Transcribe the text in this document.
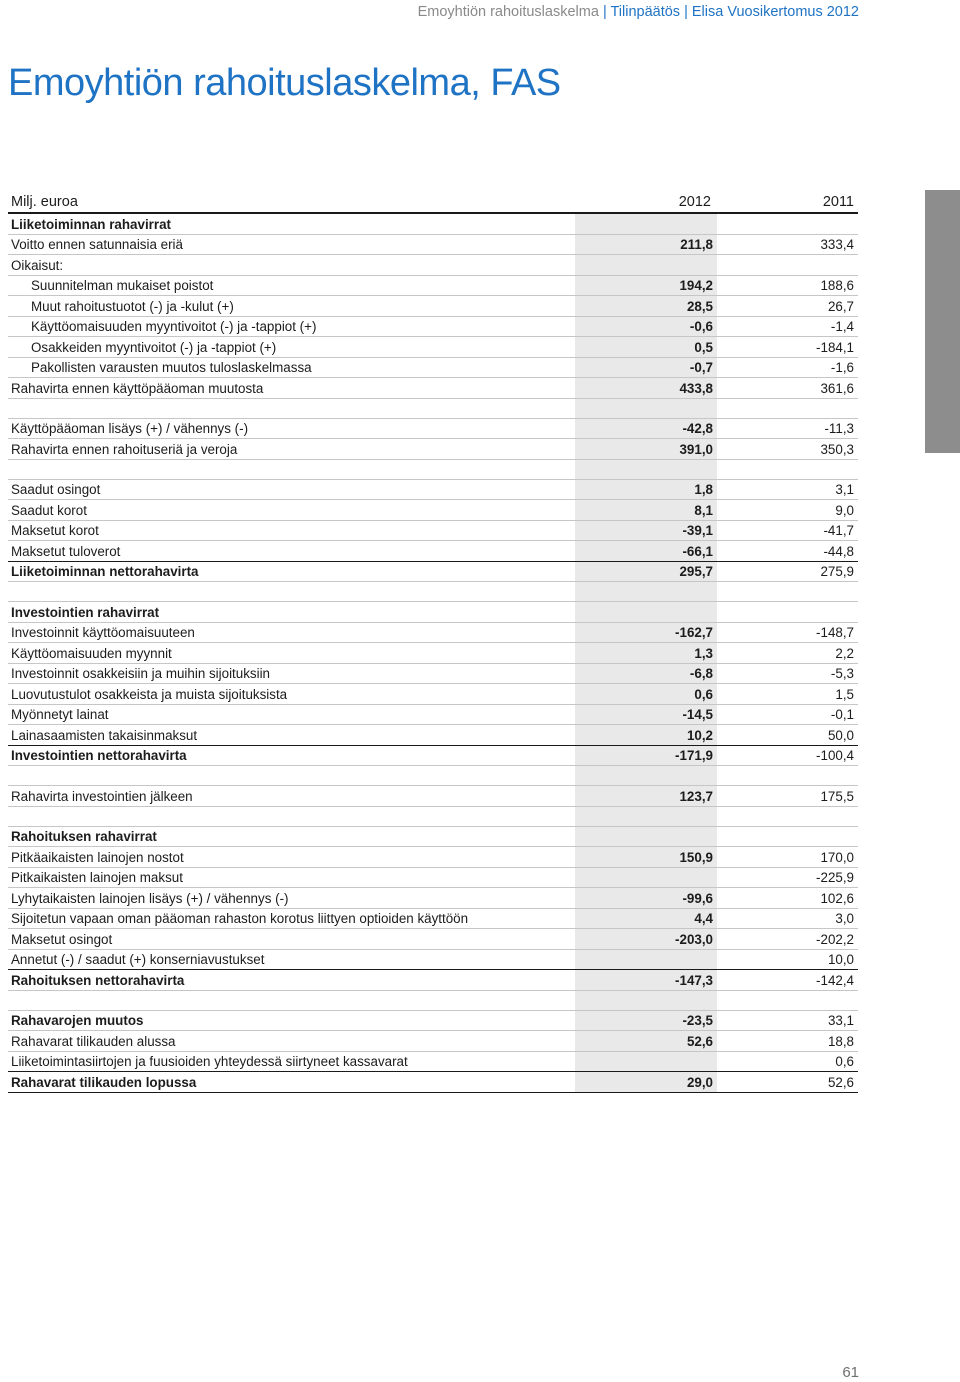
Emoyhtiön rahoituslaskelma | Tilinpäätös | Elisa Vuosikertomus 2012
Emoyhtiön rahoituslaskelma, FAS
Milj. euroa	2012	2011
Liiketoiminnan rahavirrat		
Voitto ennen satunnaisia eriä	211,8	333,4
Oikaisut:		
Suunnitelman mukaiset poistot	194,2	188,6
Muut rahoitustuotot (-) ja -kulut (+)	28,5	26,7
Käyttöomaisuuden myyntivoitot (-) ja -tappiot (+)	-0,6	-1,4
Osakkeiden myyntivoitot (-) ja -tappiot (+)	0,5	-184,1
Pakollisten varausten muutos tuloslaskelmassa	-0,7	-1,6
Rahavirta ennen käyttöpääoman muutosta	433,8	361,6

Käyttöpääoman lisäys (+) / vähennys (-)	-42,8	-11,3
Rahavirta ennen rahoituseriä ja veroja	391,0	350,3

Saadut osingot	1,8	3,1
Saadut korot	8,1	9,0
Maksetut korot	-39,1	-41,7
Maksetut tuloverot	-66,1	-44,8
Liiketoiminnan nettorahavirta	295,7	275,9

Investointien rahavirrat		
Investoinnit käyttöomaisuuteen	-162,7	-148,7
Käyttöomaisuuden myynnit	1,3	2,2
Investoinnit osakkeisiin ja muihin sijoituksiin	-6,8	-5,3
Luovutustulot osakkeista ja muista sijoituksista	0,6	1,5
Myönnetyt lainat	-14,5	-0,1
Lainasaamisten takaisinmaksut	10,2	50,0
Investointien nettorahavirta	-171,9	-100,4

Rahavirta investointien jälkeen	123,7	175,5

Rahoituksen rahavirrat		
Pitkäaikaisten lainojen nostot	150,9	170,0
Pitkaikaisten lainojen maksut		-225,9
Lyhytaikaisten lainojen lisäys (+) / vähennys (-)	-99,6	102,6
Sijoitetun vapaan oman pääoman rahaston korotus liittyen optioiden käyttöön	4,4	3,0
Maksetut osingot	-203,0	-202,2
Annetut (-) / saadut (+) konserniavustukset		10,0
Rahoituksen nettorahavirta	-147,3	-142,4

Rahavarojen muutos	-23,5	33,1
Rahavarat tilikauden alussa	52,6	18,8
Liiketoimintasiirtojen ja fuusioiden yhteydessä siirtyneet kassavarat		0,6
Rahavarat tilikauden lopussa	29,0	52,6
61
